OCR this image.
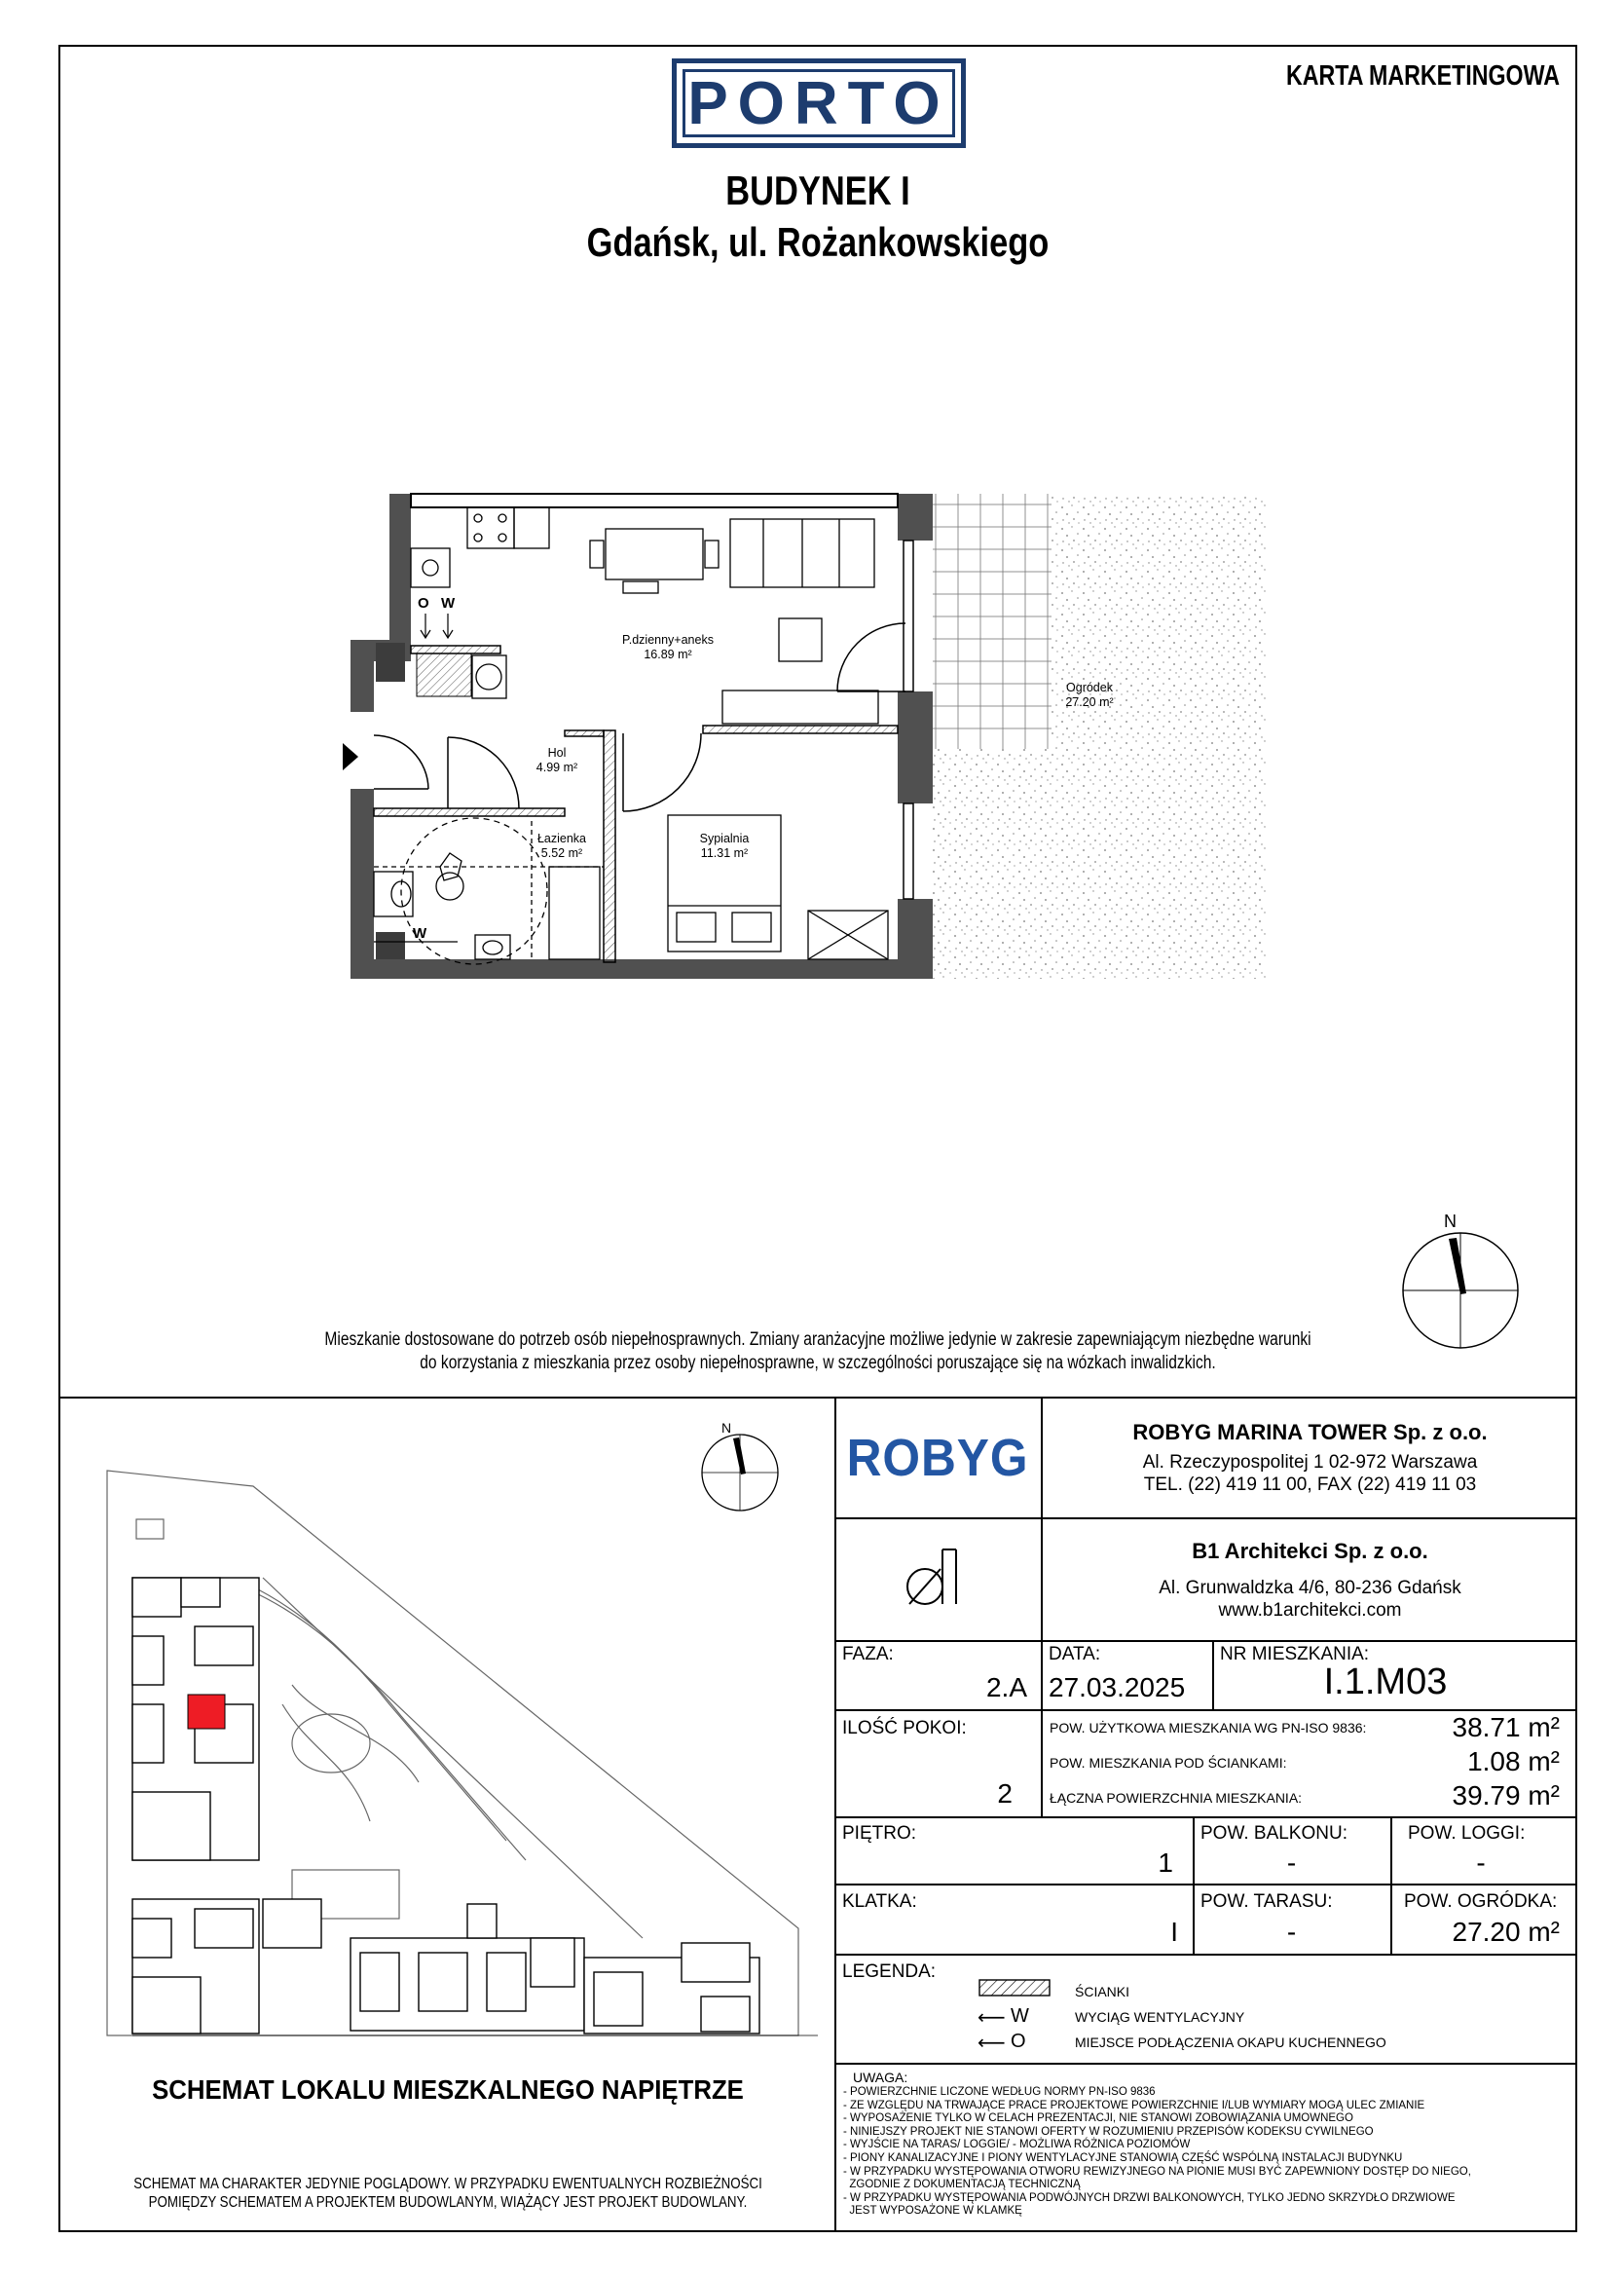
PORTO	KARTA MARKETINGOWA
BUDYNEK I
Gdańsk, ul. Rożankowskiego
O W
W
P.dzienny+aneks
16.89 m²
Hol
4.99 m²
Łazienka
5.52 m²
Sypialnia
11.31 m²
Ogródek
27.20 m²
N
Mieszkanie dostosowane do potrzeb osób niepełnosprawnych. Zmiany aranżacyjne możliwe jedynie w zakresie zapewniającym niezbędne warunki
do korzystania z mieszkania przez osoby niepełnosprawne, w szczególności poruszające się na wózkach inwalidzkich.
N
SCHEMAT LOKALU MIESZKALNEGO NAPIĘTRZE
SCHEMAT MA CHARAKTER JEDYNIE POGLĄDOWY. W PRZYPADKU EWENTUALNYCH ROZBIEŻNOŚCI
POMIĘDZY SCHEMATEM A PROJEKTEM BUDOWLANYM, WIĄŻĄCY JEST PROJEKT BUDOWLANY.
ROBYG	ROBYG MARINA TOWER Sp. z o.o.
Al. Rzeczypospolitej 1 02-972 Warszawa
TEL. (22) 419 11 00, FAX (22) 419 11 03
B1 Architekci Sp. z o.o.
Al. Grunwaldzka 4/6, 80-236 Gdańsk
www.b1architekci.com
FAZA:
2.A
DATA:
27.03.2025
NR MIESZKANIA:
I.1.M03
ILOŚĆ POKOI:
2
POW. UŻYTKOWA MIESZKANIA WG PN-ISO 9836:	38.71 m²
POW. MIESZKANIA POD ŚCIANKAMI:	1.08 m²
ŁĄCZNA POWIERZCHNIA MIESZKANIA:	39.79 m²
PIĘTRO:
1
POW. BALKONU:
-
POW. LOGGI:
-
KLATKA:
I
POW. TARASU:
-
POW. OGRÓDKA:
27.20 m²
LEGENDA:
ŚCIANKI
⟵ W	WYCIĄG WENTYLACYJNY
⟵ O	MIEJSCE PODŁĄCZENIA OKAPU KUCHENNEGO
UWAGA:
- POWIERZCHNIE LICZONE WEDŁUG NORMY PN-ISO 9836
- ZE WZGLĘDU NA TRWAJĄCE PRACE PROJEKTOWE POWIERZCHNIE I/LUB WYMIARY MOGĄ ULEC ZMIANIE
- WYPOSAŻENIE TYLKO W CELACH PREZENTACJI, NIE STANOWI ZOBOWIĄZANIA UMOWNEGO
- NINIEJSZY PROJEKT NIE STANOWI OFERTY W ROZUMIENIU PRZEPISÓW KODEKSU CYWILNEGO
- WYJŚCIE NA TARAS/ LOGGIE/ - MOŻLIWA RÓŻNICA POZIOMÓW
- PIONY KANALIZACYJNE I PIONY WENTYLACYJNE STANOWIĄ CZĘŚĆ WSPÓLNĄ INSTALACJI BUDYNKU
- W PRZYPADKU WYSTĘPOWANIA OTWORU REWIZYJNEGO NA PIONIE MUSI BYĆ ZAPEWNIONY DOSTĘP DO NIEGO,
ZGODNIE Z DOKUMENTACJĄ TECHNICZNĄ
- W PRZYPADKU WYSTĘPOWANIA PODWÓJNYCH DRZWI BALKONOWYCH, TYLKO JEDNO SKRZYDŁO DRZWIOWE
JEST WYPOSAŻONE W KLAMKĘ
